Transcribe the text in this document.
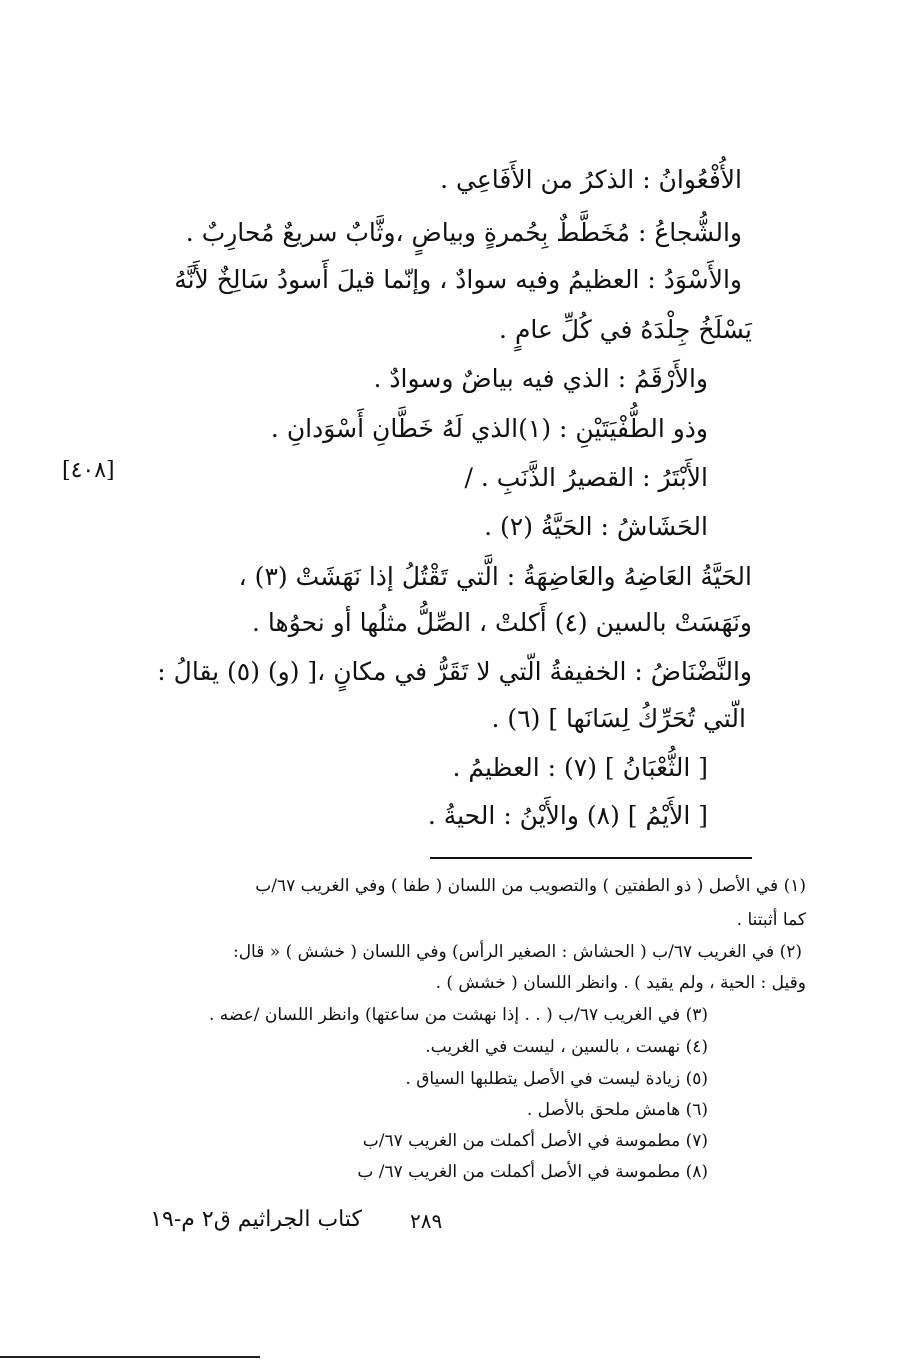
[٤٠٨]
الأُفْعُوانُ : الذكرُ من الأَفَاعِي .
والشُّجاعُ : مُخَطَّطٌ بِحُمرةٍ وبياضٍ ،وثَّابٌ سريعٌ مُحارِبٌ .
والأَسْوَدُ : العظيمُ وفيه سوادٌ ، وإنّما قيلَ أَسودُ سَالِخٌ لأَنَّهُ
يَسْلَخُ جِلْدَهُ في كُلِّ عامٍ .
والأَرْقَمُ : الذي فيه بياضٌ وسوادٌ .
وذو الطُّفْيَتَيْنِ : (١)الذي لَهُ خَطَّانِ أَسْوَدانِ .
الأَبْتَرُ : القصيرُ الذَّنَبِ . /
الحَشَاشُ : الحَيَّةُ (٢) .
الحَيَّةُ العَاضِهُ والعَاضِهَةُ : الَّتي تَقْتُلُ إذا نَهَشَتْ (٣) ،
ونَهَسَتْ بالسين (٤) أَكلتْ ، الصِّلُّ مثلُها أو نحوُها .
والنَّضْنَاضُ : الخفيفةُ الّتي لا تَقَرُّ في مكانٍ ،[ (و) (٥) يقالُ :
الّتي تُحَرِّكُ لِسَانَها ] (٦) .
[ الثُّعْبَانُ ] (٧) : العظيمُ .
[ الأَيْمُ ] (٨) والأَيْنُ : الحيةُ .
(١) في الأصل ( ذو الطفتين ) والتصويب من اللسان ( طفا ) وفي الغريب ٦٧/ب
كما أثبتنا .
(٢) في الغريب ٦٧/ب ( الحشاش : الصغير الرأس) وفي اللسان ( خشش ) « قال:
وقيل : الحية ، ولم يقيد ) . وانظر اللسان ( خشش ) .
(٣) في الغريب ٦٧/ب ( . . إذا نهشت من ساعتها) وانظر اللسان /عضه .
(٤) نهست ، بالسين ، ليست في الغريب.
(٥) زيادة ليست في الأصل يتطلبها السياق .
(٦) هامش ملحق بالأصل .
(٧) مطموسة في الأصل أكملت من الغريب ٦٧/ب
(٨) مطموسة في الأصل أكملت من الغريب ٦٧/ ب
٢٨٩
كتاب الجراثيم ق٢ م-١٩
